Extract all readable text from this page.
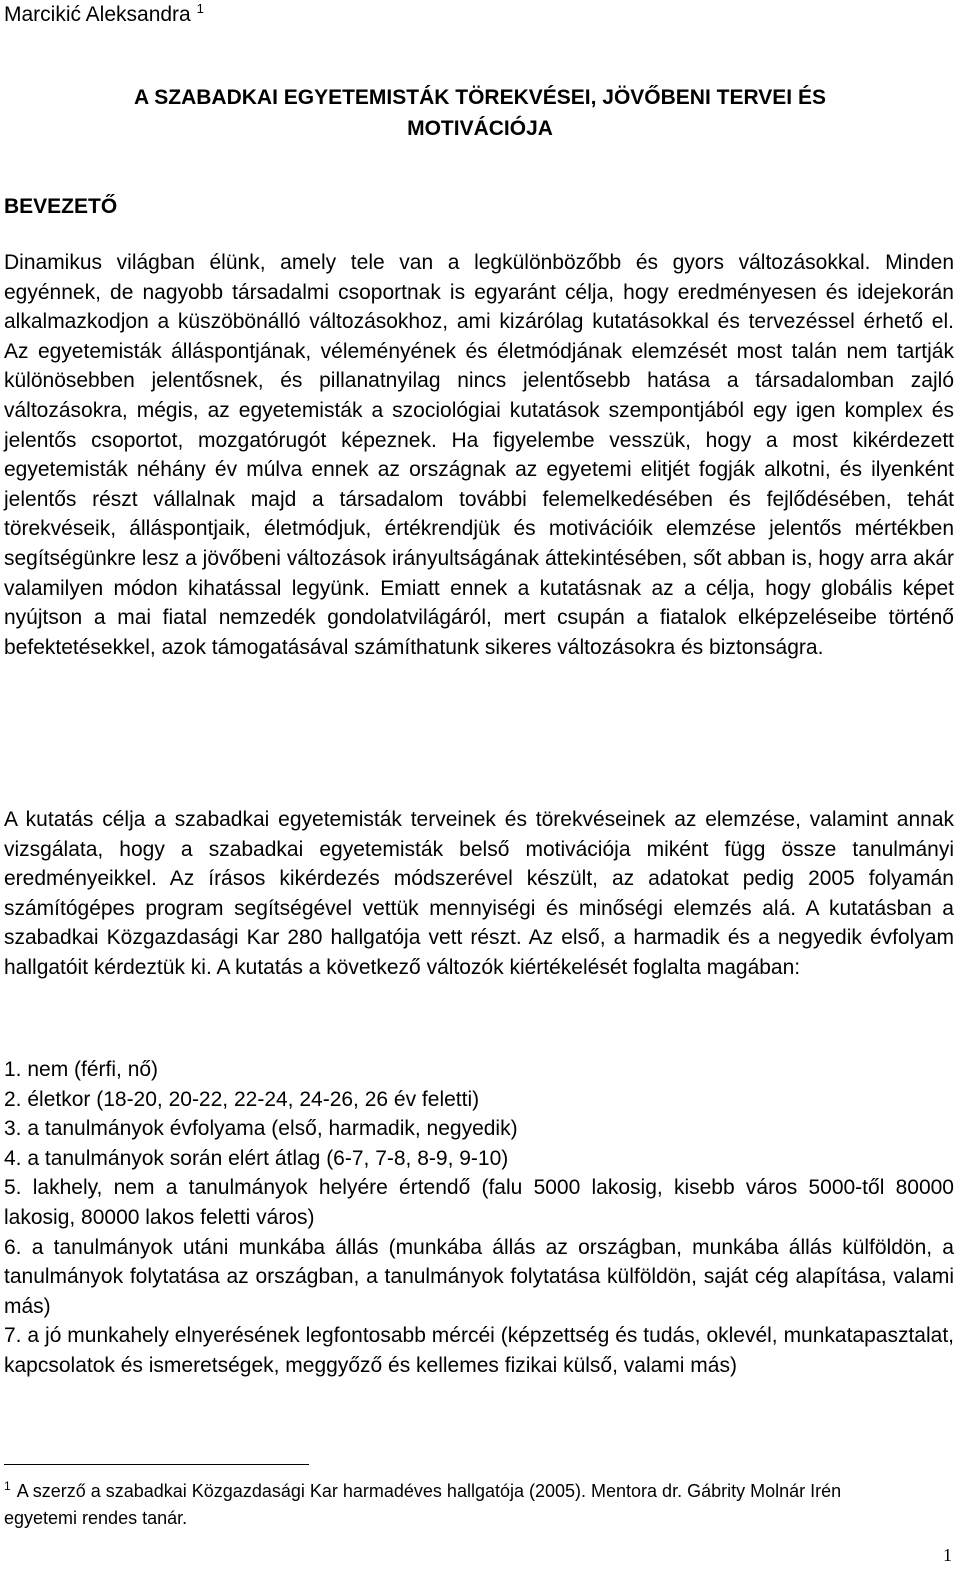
Marcikić Aleksandra $^1$
A SZABADKAI EGYETEMISTÁK TÖREKVÉSEI, JÖVŐBENI TERVEI ÉS
MOTIVÁCIÓJA
BEVEZETŐ

Dinamikus világban élünk, amely tele van a legkülönbözőbb és gyors változásokkal. Minden egyénnek, de nagyobb társadalmi csoportnak is egyaránt célja, hogy eredményesen és idejekorán alkalmazkodjon a küszöbönálló változásokhoz, ami kizárólag kutatásokkal és tervezéssel érhető el. Az egyetemisták álláspontjának, véleményének és életmódjának elemzését most talán nem tartják különösebben jelentősnek, és pillanatnyilag nincs jelentősebb hatása a társadalomban zajló változásokra, mégis, az egyetemisták a szociológiai kutatások szempontjából egy igen komplex és jelentős csoportot, mozgatórugót képeznek. Ha figyelembe vesszük, hogy a most kikérdezett egyetemisták néhány év múlva ennek az országnak az egyetemi elitjét fogják alkotni, és ilyenként jelentős részt vállalnak majd a társadalom további felemelkedésében és fejlődésében, tehát törekvéseik, álláspontjaik, életmódjuk, értékrendjük és motivációik elemzése jelentős mértékben segítségünkre lesz a jövőbeni változások irányultságának áttekintésében, sőt abban is, hogy arra akár valamilyen módon kihatással legyünk. Emiatt ennek a kutatásnak az a célja, hogy globális képet nyújtson a mai fiatal nemzedék gondolatvilágáról, mert csupán a fiatalok elképzeléseibe történő befektetésekkel, azok támogatásával számíthatunk sikeres változásokra és biztonságra.

A kutatás célja a szabadkai egyetemisták terveinek és törekvéseinek az elemzése, valamint annak vizsgálata, hogy a szabadkai egyetemisták belső motivációja miként függ össze tanulmányi eredményeikkel. Az írásos kikérdezés módszerével készült, az adatokat pedig 2005 folyamán számítógépes program segítségével vettük mennyiségi és minőségi elemzés alá. A kutatásban a szabadkai Közgazdasági Kar 280 hallgatója vett részt. Az első, a harmadik és a negyedik évfolyam hallgatóit kérdeztük ki. A kutatás a következő változók kiértékelését foglalta magában:

1. nem (férfi, nő)
2. életkor (18-20, 20-22, 22-24, 24-26, 26 év feletti)
3. a tanulmányok évfolyama (első, harmadik, negyedik)
4. a tanulmányok során elért átlag (6-7, 7-8, 8-9, 9-10)
5. lakhely, nem a tanulmányok helyére értendő (falu 5000 lakosig, kisebb város 5000-től 80000 lakosig, 80000 lakos feletti város)
6. a tanulmányok utáni munkába állás (munkába állás az országban, munkába állás külföldön, a tanulmányok folytatása az országban, a tanulmányok folytatása külföldön, saját cég alapítása, valami más)
7. a jó munkahely elnyerésének legfontosabb mércéi (képzettség és tudás, oklevél, munkatapasztalat, kapcsolatok és ismeretségek, meggyőző és kellemes fizikai külső, valami más)
$^1$ A szerző a szabadkai Közgazdasági Kar harmadéves hallgatója (2005). Mentora dr. Gábrity Molnár Irén egyetemi rendes tanár.
1
